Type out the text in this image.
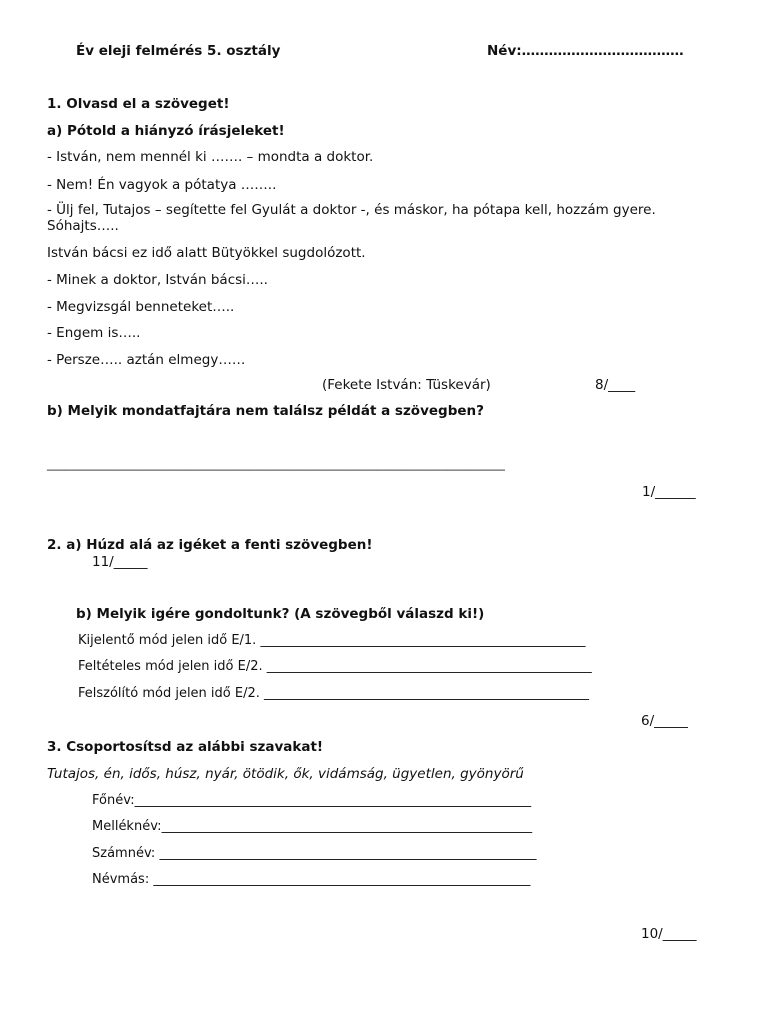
Év eleji felmérés 5. osztály	Név:………………………………
1. Olvasd el a szöveget!
a) Pótold a hiányzó írásjeleket!
- István, nem mennél ki ……. – mondta a doktor.
- Nem! Én vagyok a pótatya ……..
- Ülj fel, Tutajos – segítette fel Gyulát a doktor -, és máskor, ha pótapa kell, hozzám gyere. Sóhajts…..
István bácsi ez idő alatt Bütyökkel sugdolózott.
- Minek a doktor, István bácsi…..
- Megvizsgál benneteket…..
- Engem is…..
- Persze….. aztán elmegy……
(Fekete István: Tüskevár)	8/____
b) Melyik mondatfajtára nem találsz példát a szövegben?
_______________________________________________________________________________
1/______
2. a) Húzd alá az igéket a fenti szövegben!
11/_____
b) Melyik igére gondoltunk? (A szövegből válaszd ki!)
Kijelentő mód jelen idő E/1. __________________________________________________
Feltételes mód jelen idő E/2. __________________________________________________
Felszólító mód jelen idő E/2. __________________________________________________
6/_____
3. Csoportosítsd az alábbi szavakat!
Tutajos, én, idős, húsz, nyár, ötödik, ők, vidámság, ügyetlen, gyönyörű
Főnév:_____________________________________________________________
Melléknév:_________________________________________________________
Számnév: __________________________________________________________
Névmás: __________________________________________________________
10/_____
